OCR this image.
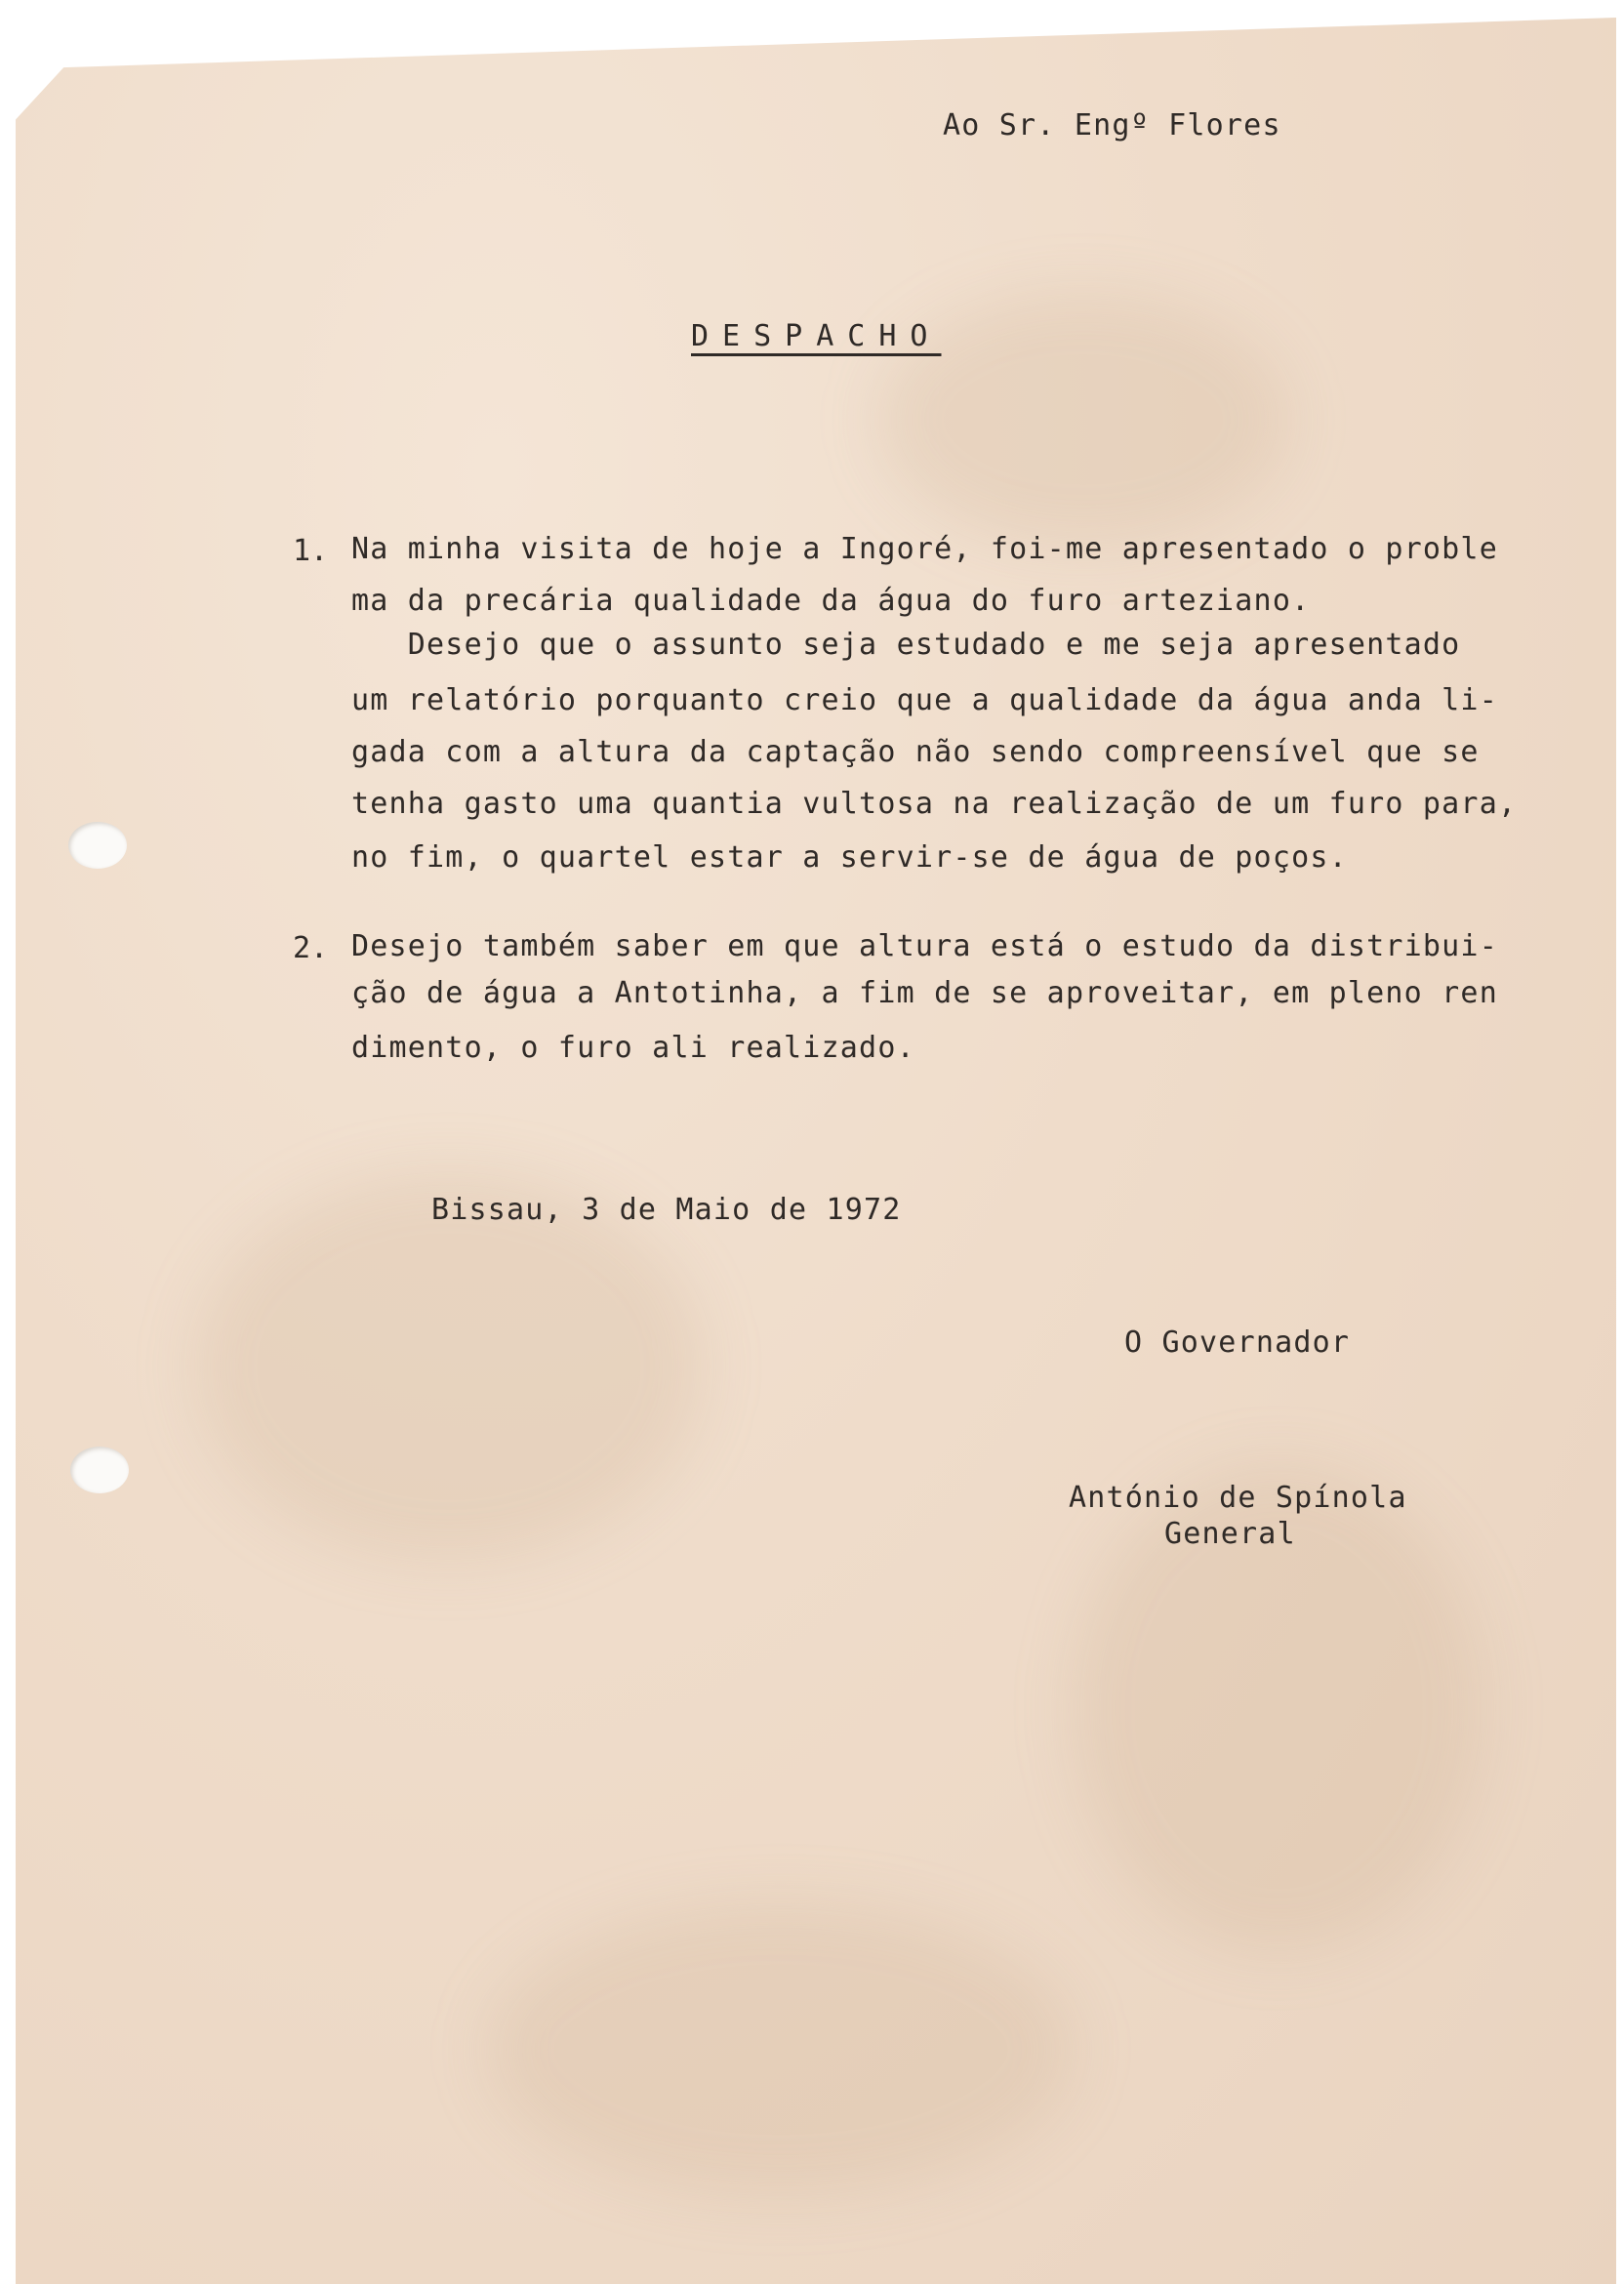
Ao Sr. Engº Flores
DESPACHO
1. Na minha visita de hoje a Ingoré, foi-me apresentado o proble
ma da precária qualidade da água do furo arteziano.
Desejo que o assunto seja estudado e me seja apresentado
um relatório porquanto creio que a qualidade da água anda li-
gada com a altura da captação não sendo compreensível que se
tenha gasto uma quantia vultosa na realização de um furo para,
no fim, o quartel estar a servir-se de água de poços.
2. Desejo também saber em que altura está o estudo da distribui-
ção de água a Antotinha, a fim de se aproveitar, em pleno ren
dimento, o furo ali realizado.
Bissau, 3 de Maio de 1972
O Governador
António de Spínola
General
